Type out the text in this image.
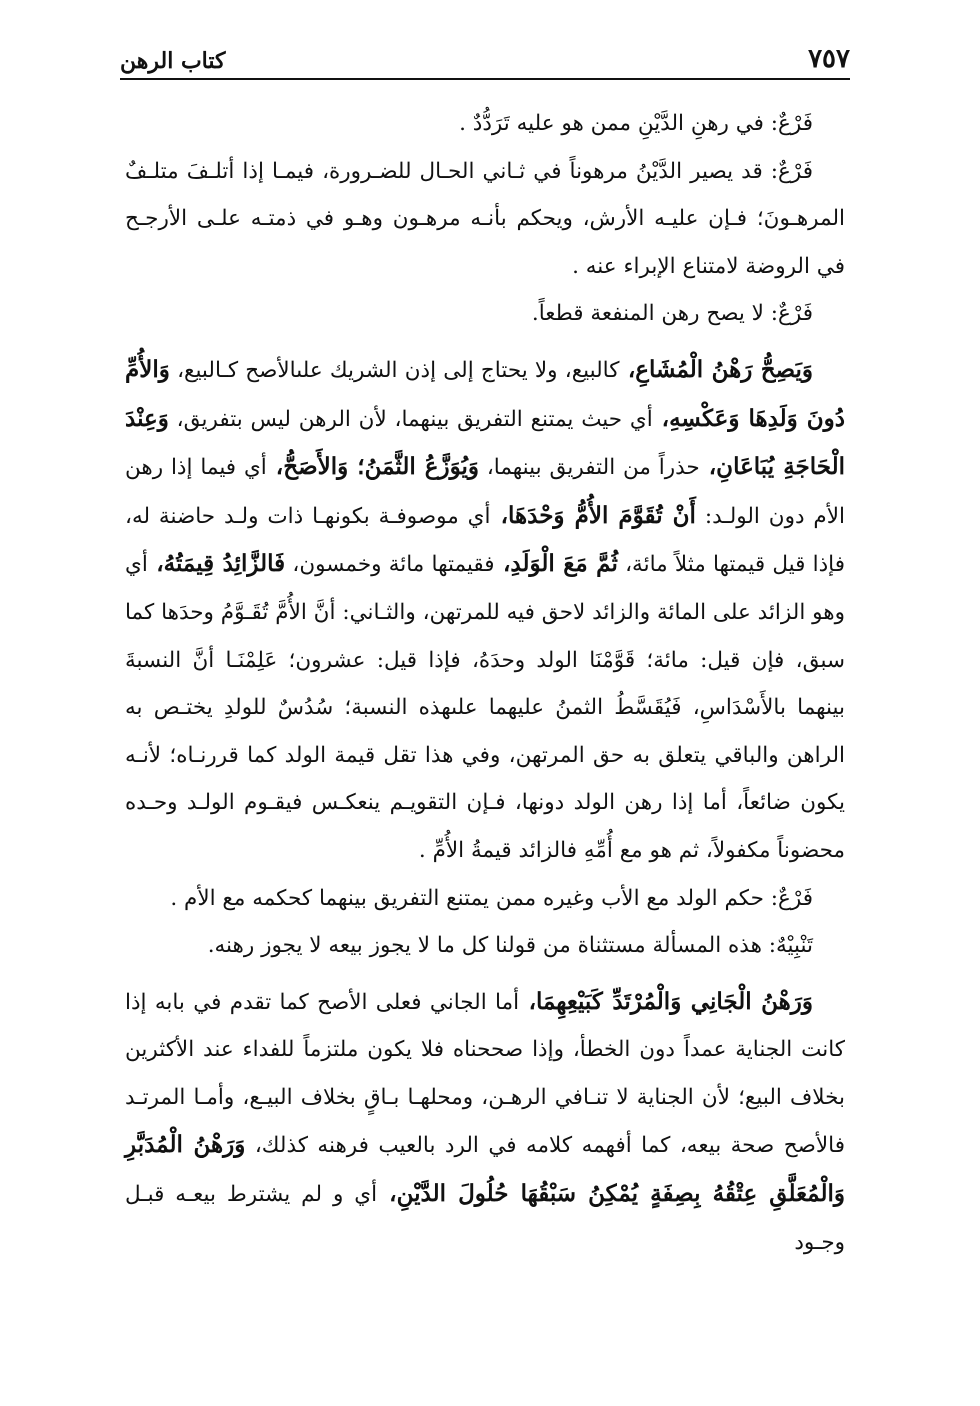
٧٥٧
كتاب الرهن

فَرْعٌ: في رهنِ الدَّيْنِ ممن هو عليه تَرَدُّدٌ .

فَرْعٌ: قد يصير الدَّيْنُ مرهوناً في ثـاني الحـال للضـرورة، فيمـا إذا أتلـفَ متلـفٌ المرهـونَ؛ فـإن عليـه الأرش، ويحكم بأنـه مرهـون وهـو في ذمتـه علـى الأرجـح في الروضة لامتناع الإبراء عنه .

فَرْعٌ: لا يصح رهن المنفعة قطعاً.

وَيَصِحُّ رَهْنُ الْمُشَاعِ، كالبيع، ولا يحتاج إلى إذن الشريك علىالأصح كـالبيع، وَالأُمِّ دُونَ وَلَدِهَا وَعَكْسِهِ، أي حيث يمتنع التفريق بينهما، لأن الرهن ليس بتفريق، وَعِنْدَ الْحَاجَةِ يُبَاعَانِ، حذراً من التفريق بينهما، وَيُوَزَّعُ الثَّمَنُ؛ وَالأَصَحُّ، أي فيما إذا رهن الأم دون الولـد: أَنْ تُقَوَّمَ الأُمُّ وَحْدَهَا، أي موصوفـة بكونهـا ذات ولـد حاضنة له، فإذا قيل قيمتها مثلاً مائة، ثُمَّ مَعَ الْوَلَدِ، فقيمتها مائة وخمسون، فَالزَّائِدُ قِيمَتُهُ، أي وهو الزائد على المائة والزائد لاحق فيه للمرتهن، والثـاني: أنَّ الأُمَّ تُقَـوَّمُ وحدَها كما سبق، فإن قيل: مائة؛ قَوَّمْنَا الولد وحدَهُ، فإذا قيل: عشرون؛ عَلِمْنَـا أنَّ النسبةَ بينهما بالأَسْدَاسِ، فَيُقَسَّطُ الثمنُ عليهما علىهذه النسبة؛ سُدُسٌ للولدِ يختـص به الراهن والباقي يتعلق به حق المرتهن، وفي هذا تقل قيمة الولد كما قررنـاه؛ لأنـه يكون ضائعاً، أما إذا رهن الولد دونها، فـإن التقويـم ينعكـس فيقـوم الولـد وحـده محضوناً مكفولاً، ثم هو مع أُمِّهِ فالزائد قيمةُ الأُمِّ .

فَرْعٌ: حكم الولد مع الأب وغيره ممن يمتنع التفريق بينهما كحكمه مع الأم .

تَنْبِيْهٌ: هذه المسألة مستثناة من قولنا كل ما لا يجوز بيعه لا يجوز رهنه.

وَرَهْنُ الْجَانِي وَالْمُرْتَدِّ كَبَيْعِهِمَا، أما الجاني فعلى الأصح كما تقدم في بابه إذا كانت الجناية عمداً دون الخطأ، وإذا صححناه فلا يكون ملتزماً للفداء عند الأكثرين بخلاف البيع؛ لأن الجناية لا تنـافي الرهـن، ومحلهـا بـاقٍ بخلاف البيـع، وأمـا المرتـد فالأصح صحة بيعه، كما أفهمه كلامه في الرد بالعيب فرهنه كذلك، وَرَهْنُ الْمُدَبَّرِ وَالْمُعَلَّقِ عِتْقُهُ بِصِفَةٍ يُمْكِنُ سَبْقُهَا حُلُولَ الدَّيْنِ، أي و لم يشترط بيعـه قبـل وجـود
